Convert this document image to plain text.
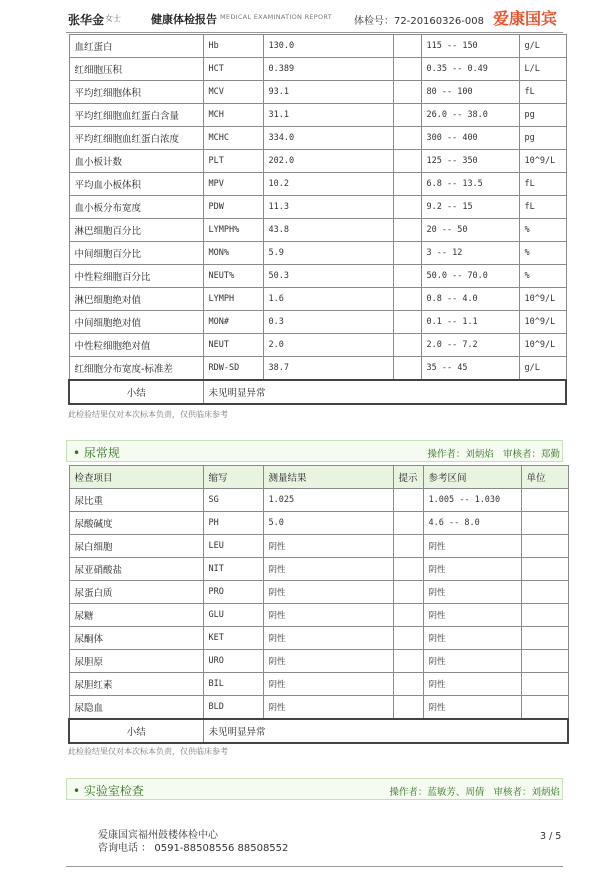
张华金 女士	健康体检报告 MEDICAL EXAMINATION REPORT 体检号：72-20160326-008 爱康国宾
血红蛋白	Hb	130.0		115 -- 150	g/L
红细胞压积	HCT	0.389		0.35 -- 0.49	L/L
平均红细胞体积	MCV	93.1		80 -- 100	fL
平均红细胞血红蛋白含量	MCH	31.1		26.0 -- 38.0	pg
平均红细胞血红蛋白浓度	MCHC	334.0		300 -- 400	pg
血小板计数	PLT	202.0		125 -- 350	10^9/L
平均血小板体积	MPV	10.2		6.8 -- 13.5	fL
血小板分布宽度	PDW	11.3		9.2 -- 15	fL
淋巴细胞百分比	LYMPH%	43.8		20 -- 50	%
中间细胞百分比	MON%	5.9		3 -- 12	%
中性粒细胞百分比	NEUT%	50.3		50.0 -- 70.0	%
淋巴细胞绝对值	LYMPH	1.6		0.8 -- 4.0	10^9/L
中间细胞绝对值	MON#	0.3		0.1 -- 1.1	10^9/L
中性粒细胞绝对值	NEUT	2.0		2.0 -- 7.2	10^9/L
红细胞分布宽度-标准差	RDW-SD	38.7		35 -- 45	g/L
小结	未见明显异常				
此检验结果仅对本次标本负责，仅供临床参考
• 尿常规	操作者：刘炳焰 审核者：郑勤
检查项目	缩写	测量结果	提示	参考区间	单位
尿比重	SG	1.025		1.005 -- 1.030	
尿酸碱度	PH	5.0		4.6 -- 8.0	
尿白细胞	LEU	阴性		阴性	
尿亚硝酸盐	NIT	阴性		阴性	
尿蛋白质	PRO	阴性		阴性	
尿糖	GLU	阴性		阴性	
尿酮体	KET	阴性		阴性	
尿胆原	URO	阴性		阴性	
尿胆红素	BIL	阴性		阴性	
尿隐血	BLD	阴性		阴性	
小结	未见明显异常				
此检验结果仅对本次标本负责，仅供临床参考
• 实验室检查	操作者：蓝敏芳、周倩 审核者：刘炳焰
爱康国宾福州鼓楼体检中心
咨询电话 ： 0591-88508556 88508552
3 / 5
